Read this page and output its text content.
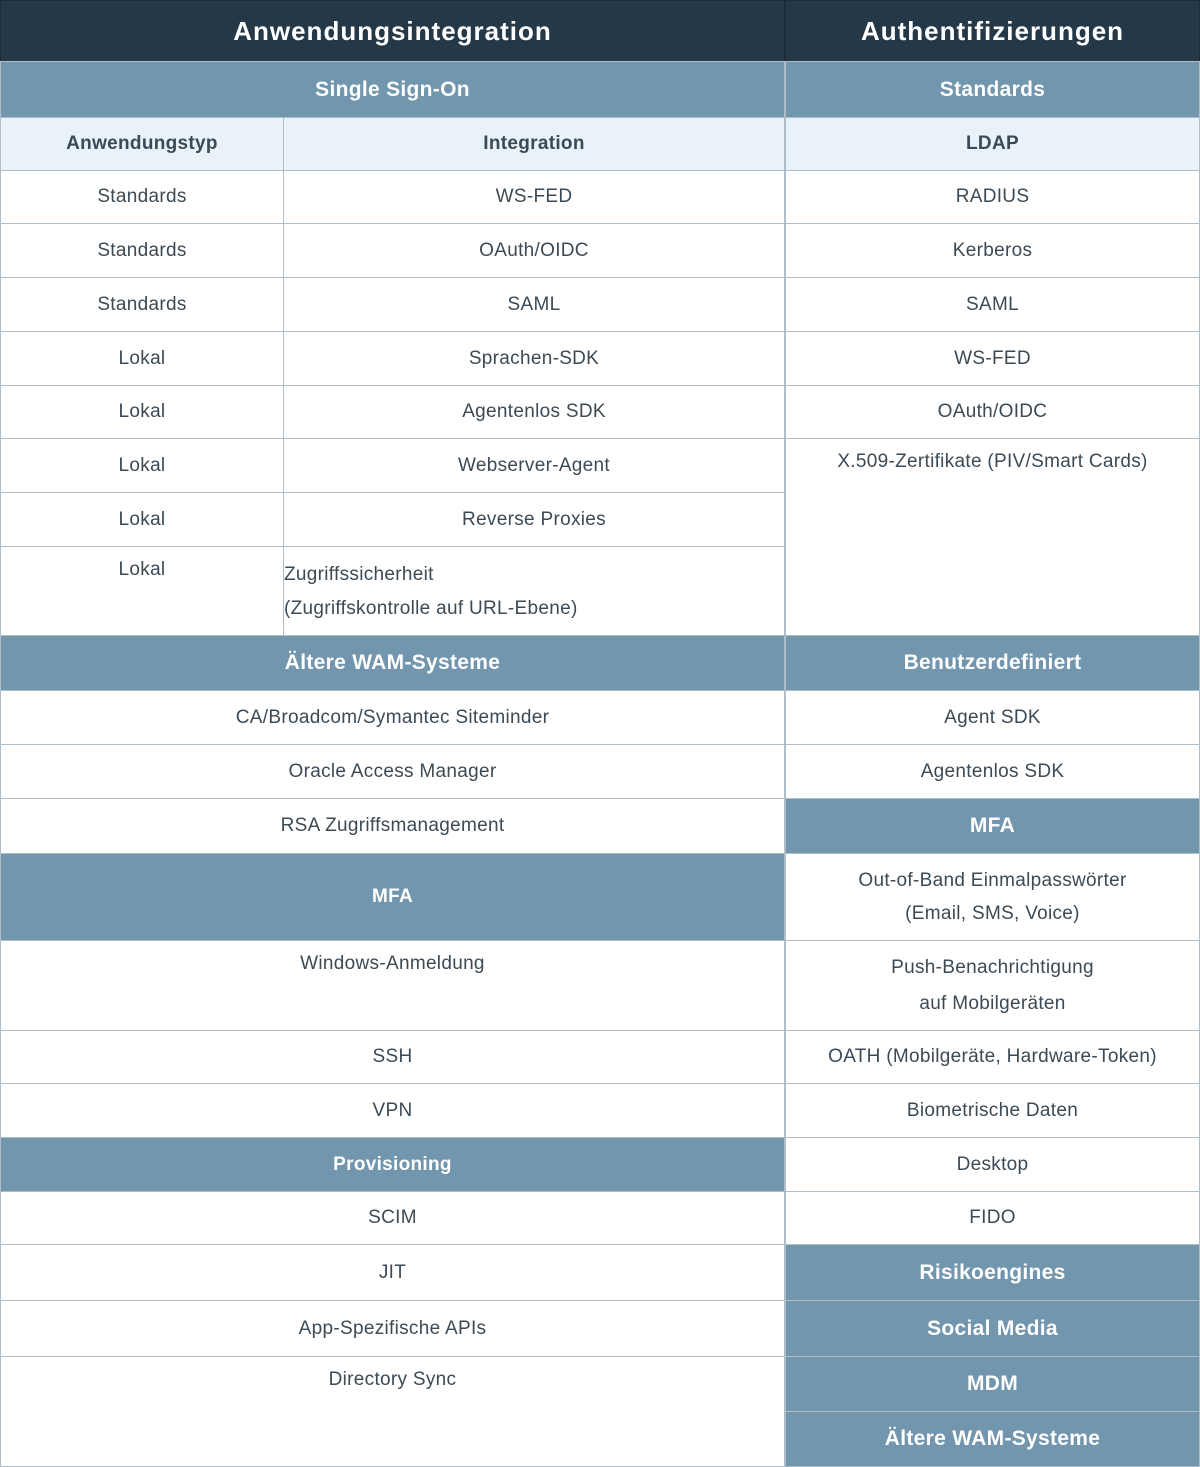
Anwendungsintegration
Single Sign-On
Anwendungstyp	Integration
Standards	WS-FED
Standards	OAuth/OIDC
Standards	SAML
Lokal	Sprachen-SDK
Lokal	Agentenlos SDK
Lokal	Webserver-Agent
Lokal	Reverse Proxies
Lokal	Zugriffssicherheit
(Zugriffskontrolle auf URL-Ebene)
Ältere WAM-Systeme
CA/Broadcom/Symantec Siteminder
Oracle Access Manager
RSA Zugriffsmanagement
MFA
Windows-Anmeldung
SSH
VPN
Provisioning
SCIM
JIT
App-Spezifische APIs
Directory Sync
Authentifizierungen
Standards
LDAP
RADIUS
Kerberos
SAML
WS-FED
OAuth/OIDC
X.509-Zertifikate (PIV/Smart Cards)
Benutzerdefiniert
Agent SDK
Agentenlos SDK
MFA
Out-of-Band Einmalpasswörter
(Email, SMS, Voice)
Push-Benachrichtigung
auf Mobilgeräten
OATH (Mobilgeräte, Hardware-Token)
Biometrische Daten
Desktop
FIDO
Risikoengines
Social Media
MDM
Ältere WAM-Systeme
